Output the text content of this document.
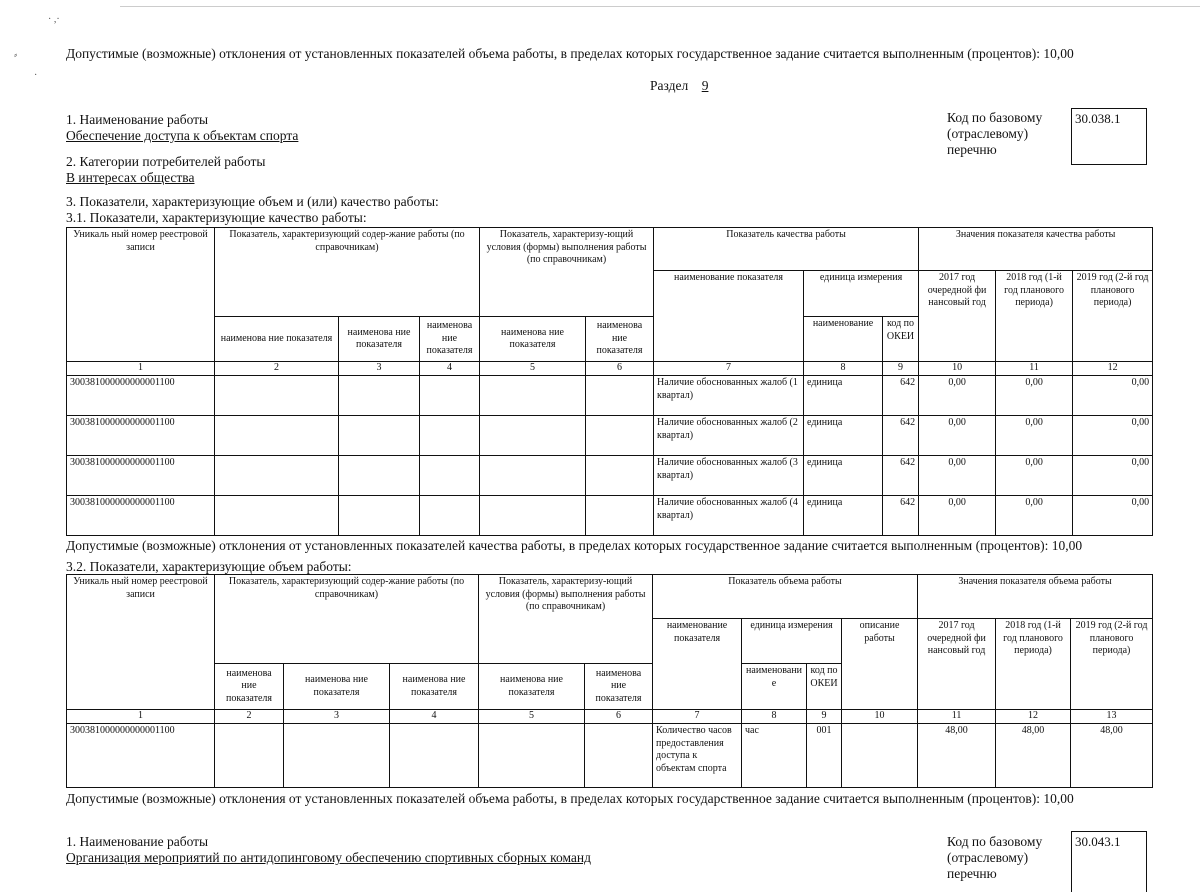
· ,·
⸗
·
Допустимые (возможные) отклонения от установленных показателей объема работы, в пределах которых государственное задание считается выполненным (процентов): 10,00
Раздел 9
1. Наименование работы
Обеспечение доступа к объектам спорта
2. Категории потребителей работы
В интересах общества
Код по базовому
(отраслевому)
перечню
30.038.1
3. Показатели, характеризующие объем и (или) качество работы:
3.1. Показатели, характеризующие качество работы:
Уникаль ный номер реестровой записи	Показатель, характеризующий содер-жание работы (по справочникам)			Показатель, характеризу-ющий условия (формы) выполнения работы
(по справочникам)		Показатель качества работы			Значения показателя качества работы		
						наименование показателя	единица измерения		2017 год очередной фи нансовый год	2018 год (1-й год планового периода)	2019 год (2-й год планового периода)
	наименова ние показателя	наименова ние показателя	наименова ние показателя	наименова ние показателя	наименова ние показателя		наименование	код по ОКЕИ			
1	2	3	4	5	6	7	8	9	10	11	12
300381000000000001100						Наличие обоснованных жалоб (1 квартал)	единица	642	0,00	0,00	0,00
300381000000000001100						Наличие обоснованных жалоб (2 квартал)	единица	642	0,00	0,00	0,00
300381000000000001100						Наличие обоснованных жалоб (3 квартал)	единица	642	0,00	0,00	0,00
300381000000000001100						Наличие обоснованных жалоб (4 квартал)	единица	642	0,00	0,00	0,00
Допустимые (возможные) отклонения от установленных показателей качества работы, в пределах которых государственное задание считается выполненным (процентов): 10,00
3.2. Показатели, характеризующие объем работы:
Уникаль ный номер реестровой записи	Показатель, характеризующий содер-жание работы (по справочникам)			Показатель, характеризу-ющий условия (формы) выполнения работы
(по справочникам)		Показатель объема работы				Значения показателя объема работы		
						наименование показателя	единица измерения		описание работы	2017 год очередной фи нансовый год	2018 год (1-й год планового периода)	2019 год (2-й год планового периода)
	наименова ние показателя	наименова ние показателя	наименова ние показателя	наименова ние показателя	наименова ние показателя		наименовани е	код по ОКЕИ				
1	2	3	4	5	6	7	8	9	10	11	12	13
300381000000000001100						Количество часов предоставления доступа к объектам спорта	час	001		48,00	48,00	48,00
Допустимые (возможные) отклонения от установленных показателей объема работы, в пределах которых государственное задание считается выполненным (процентов): 10,00
1. Наименование работы
Организация мероприятий по антидопинговому обеспечению спортивных сборных команд
Код по базовому
(отраслевому)
перечню
30.043.1
